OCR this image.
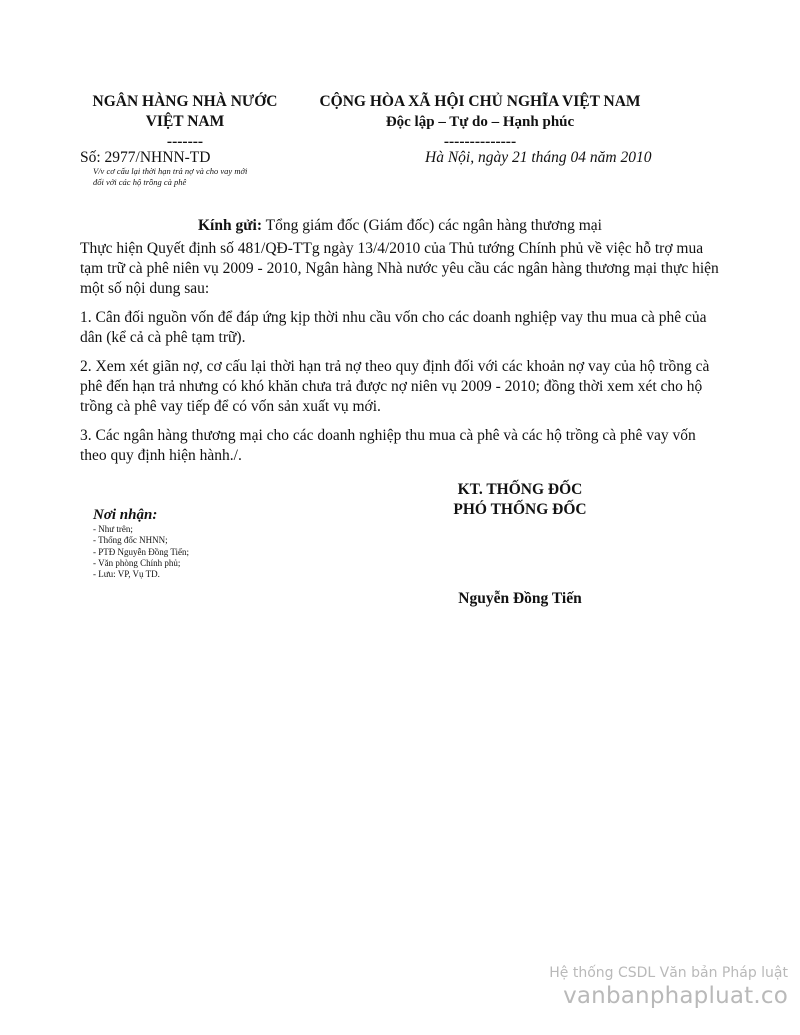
NGÂN HÀNG NHÀ NƯỚC
VIỆT NAM
-------
CỘNG HÒA XÃ HỘI CHỦ NGHĨA VIỆT NAM
Độc lập – Tự do – Hạnh phúc
--------------
Số: 2977/NHNN-TD
V/v cơ cấu lại thời hạn trả nợ và cho vay mới
đối với các hộ trồng cà phê
Hà Nội, ngày 21 tháng 04 năm 2010
Kính gửi: Tổng giám đốc (Giám đốc) các ngân hàng thương mại

Thực hiện Quyết định số 481/QĐ-TTg ngày 13/4/2010 của Thủ tướng Chính phủ về việc hỗ trợ mua tạm trữ cà phê niên vụ 2009 - 2010, Ngân hàng Nhà nước yêu cầu các ngân hàng thương mại thực hiện một số nội dung sau:

1. Cân đối nguồn vốn để đáp ứng kịp thời nhu cầu vốn cho các doanh nghiệp vay thu mua cà phê của dân (kể cả cà phê tạm trữ).

2. Xem xét giãn nợ, cơ cấu lại thời hạn trả nợ theo quy định đối với các khoản nợ vay của hộ trồng cà phê đến hạn trả nhưng có khó khăn chưa trả được nợ niên vụ 2009 - 2010; đồng thời xem xét cho hộ trồng cà phê vay tiếp để có vốn sản xuất vụ mới.

3. Các ngân hàng thương mại cho các doanh nghiệp thu mua cà phê và các hộ trồng cà phê vay vốn theo quy định hiện hành./.

KT. THỐNG ĐỐC
PHÓ THỐNG ĐỐC
Nguyễn Đồng Tiến
Nơi nhận:
- Như trên;
- Thống đốc NHNN;
- PTĐ Nguyễn Đồng Tiến;
- Văn phòng Chính phủ;
- Lưu: VP, Vụ TD.
Hệ thống CSDL Văn bản Pháp luật
vanbanphapluat.co
